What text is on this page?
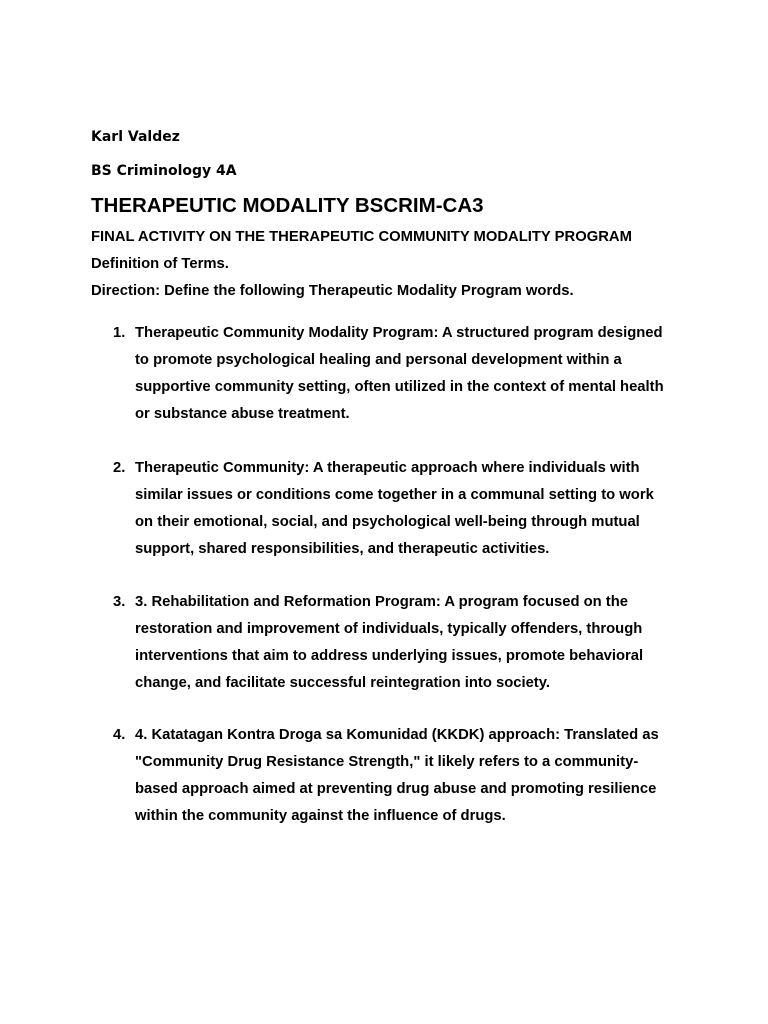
Karl Valdez
BS Criminology 4A
THERAPEUTIC MODALITY BSCRIM-CA3
FINAL ACTIVITY ON THE THERAPEUTIC COMMUNITY MODALITY PROGRAM
Definition of Terms.
Direction: Define the following Therapeutic Modality Program words.
1. Therapeutic Community Modality Program: A structured program designed
to promote psychological healing and personal development within a
supportive community setting, often utilized in the context of mental health
or substance abuse treatment.
2. Therapeutic Community: A therapeutic approach where individuals with
similar issues or conditions come together in a communal setting to work
on their emotional, social, and psychological well-being through mutual
support, shared responsibilities, and therapeutic activities.
3. 3. Rehabilitation and Reformation Program: A program focused on the
restoration and improvement of individuals, typically offenders, through
interventions that aim to address underlying issues, promote behavioral
change, and facilitate successful reintegration into society.
4. 4. Katatagan Kontra Droga sa Komunidad (KKDK) approach: Translated as
"Community Drug Resistance Strength," it likely refers to a community-
based approach aimed at preventing drug abuse and promoting resilience
within the community against the influence of drugs.
